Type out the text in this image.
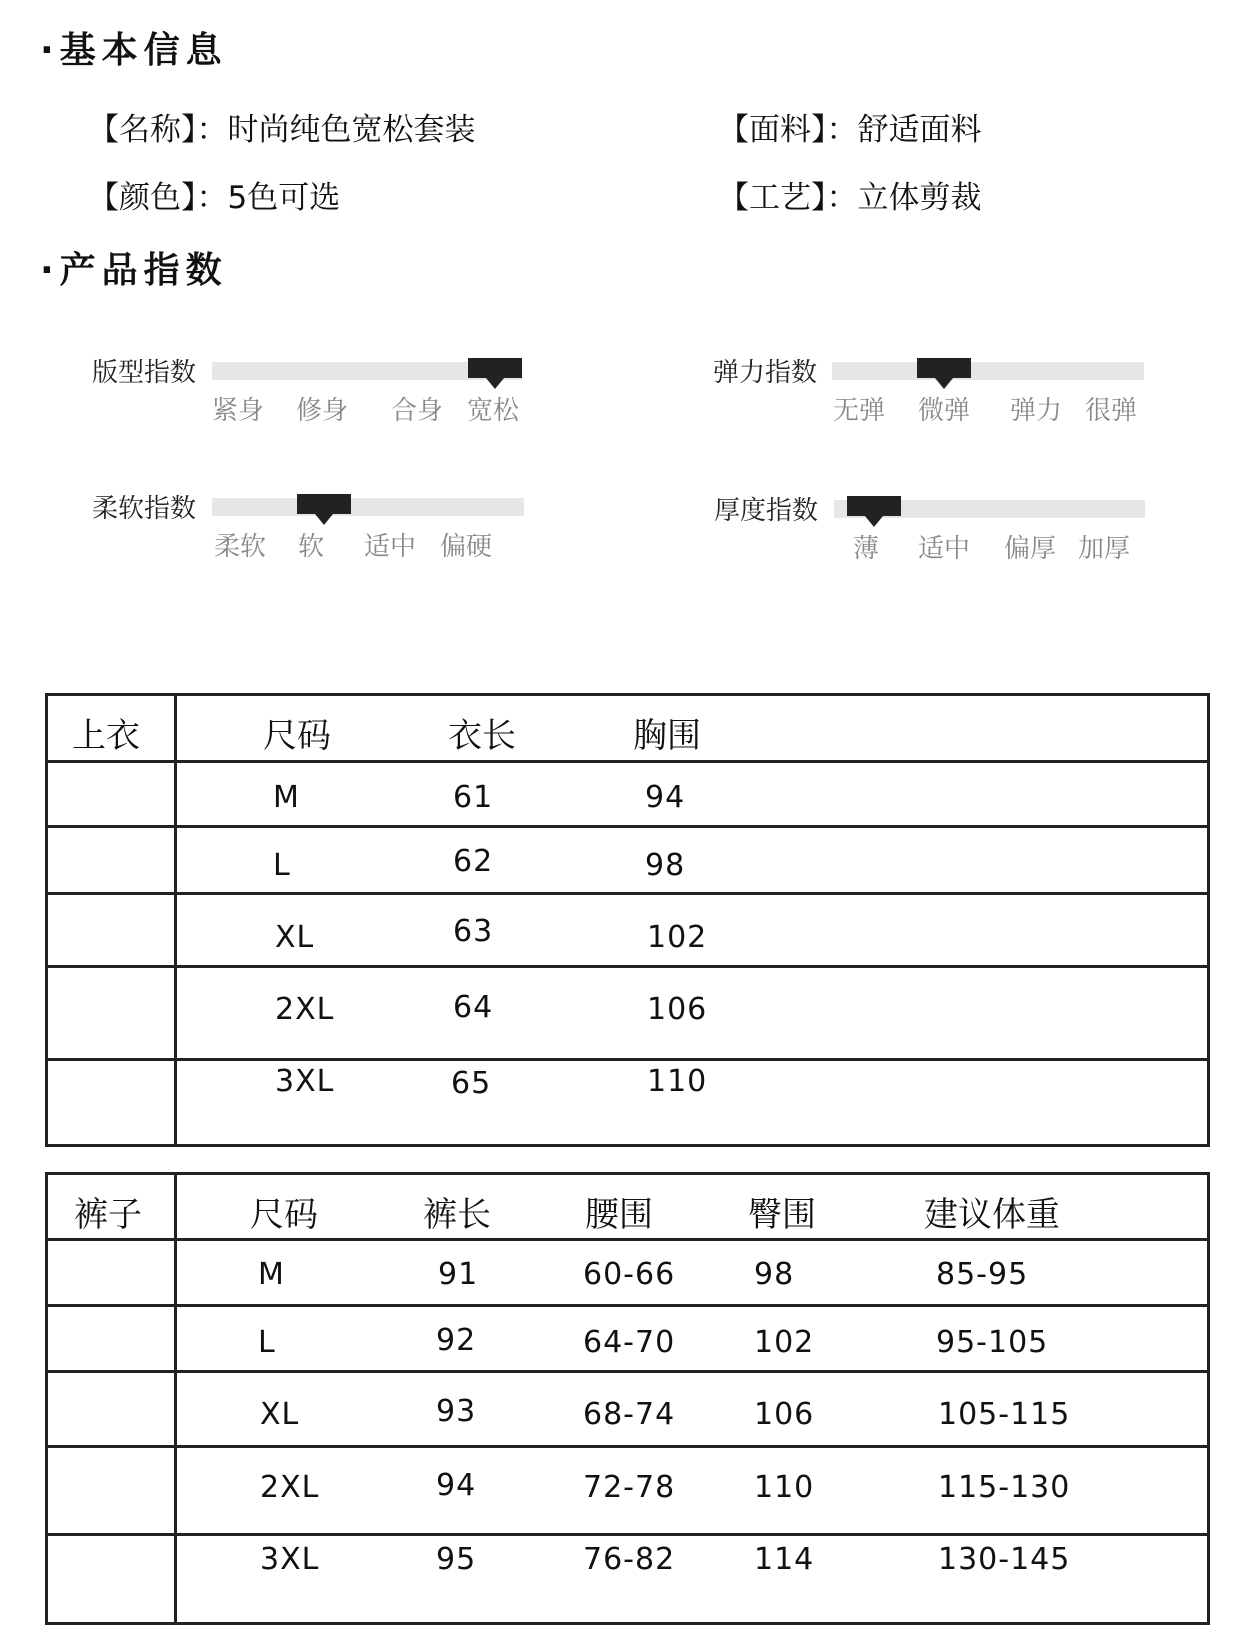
·基本信息
【名称】：时尚纯色宽松套装	【面料】：舒适面料
【颜色】：5色可选	【工艺】：立体剪裁
·产品指数
版型指数
紧身 修身 合身 宽松
弹力指数
无弹 微弹 弹力 很弹
柔软指数
柔软 软 适中 偏硬
厚度指数
薄 适中 偏厚 加厚
上衣	尺码	衣长	胸围
M	61	94
L	62	98
XL	63	102
2XL	64	106
3XL	65	110
裤子	尺码	裤长	腰围	臀围	建议体重
M	91	60-66	98	85-95
L	92	64-70	102	95-105
XL	93	68-74	106	105-115
2XL	94	72-78	110	115-130
3XL	95	76-82	114	130-145
